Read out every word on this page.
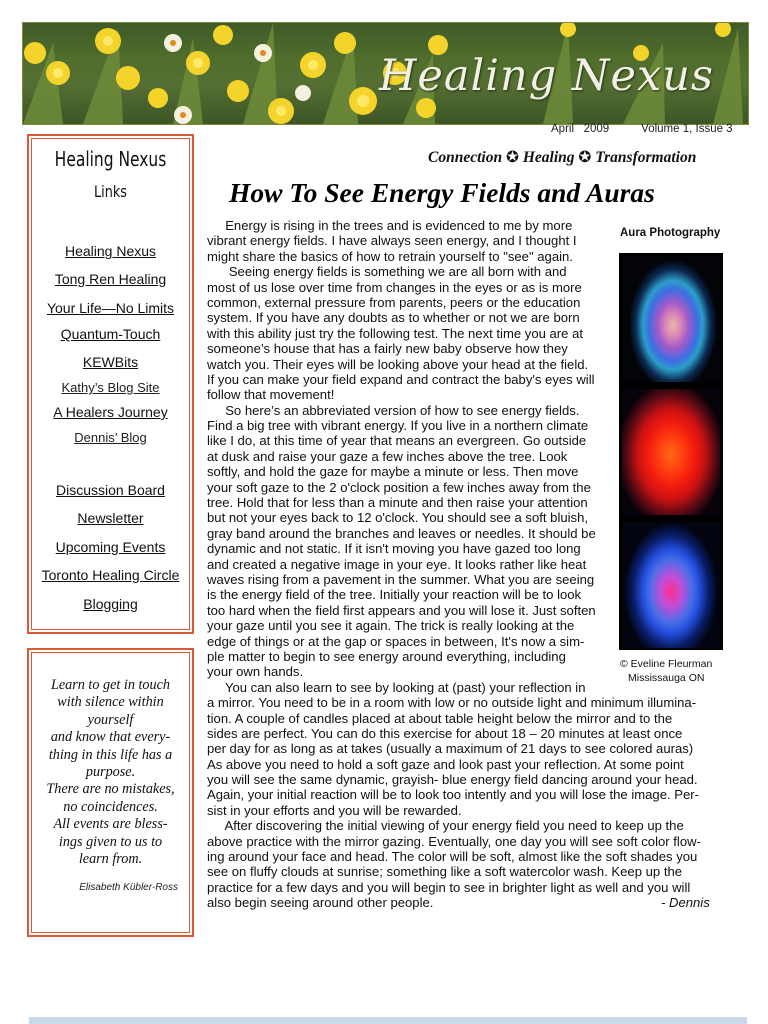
Healing Nexus
April 2009	Volume 1, Issue 3
Connection ✪ Healing ✪ Transformation
How To See Energy Fields and Auras
Healing Nexus
Links
Healing Nexus
Tong Ren Healing
Your Life—No Limits
Quantum-Touch
KEWBits
Kathy’s Blog Site
A Healers Journey
Dennis’ Blog
Discussion Board
Newsletter
Upcoming Events
Toronto Healing Circle
Blogging
Learn to get in touch
with silence within
yourself
and know that every-
thing in this life has a
purpose.
There are no mistakes,
no coincidences.
All events are bless-
ings given to us to
learn from.
Elisabeth Kübler-Ross
Aura Photography
© Eveline Fleurman
Mississauga ON
Energy is rising in the trees and is evidenced to me by more
vibrant energy fields. I have always seen energy, and I thought I
might share the basics of how to retrain yourself to "see" again.
Seeing energy fields is something we are all born with and
most of us lose over time from changes in the eyes or as is more
common, external pressure from parents, peers or the education
system. If you have any doubts as to whether or not we are born
with this ability just try the following test. The next time you are at
someone’s house that has a fairly new baby observe how they
watch you. Their eyes will be looking above your head at the field.
If you can make your field expand and contract the baby's eyes will
follow that movement!
So here’s an abbreviated version of how to see energy fields.
Find a big tree with vibrant energy. If you live in a northern climate
like I do, at this time of year that means an evergreen. Go outside
at dusk and raise your gaze a few inches above the tree. Look
softly, and hold the gaze for maybe a minute or less. Then move
your soft gaze to the 2 o'clock position a few inches away from the
tree. Hold that for less than a minute and then raise your attention
but not your eyes back to 12 o'clock. You should see a soft bluish,
gray band around the branches and leaves or needles. It should be
dynamic and not static. If it isn't moving you have gazed too long
and created a negative image in your eye. It looks rather like heat
waves rising from a pavement in the summer. What you are seeing
is the energy field of the tree. Initially your reaction will be to look
too hard when the field first appears and you will lose it. Just soften
your gaze until you see it again. The trick is really looking at the
edge of things or at the gap or spaces in between, It's now a sim-
ple matter to begin to see energy around everything, including
your own hands.
You can also learn to see by looking at (past) your reflection in
a mirror. You need to be in a room with low or no outside light and minimum illumina-
tion. A couple of candles placed at about table height below the mirror and to the
sides are perfect. You can do this exercise for about 18 – 20 minutes at least once
per day for as long as at takes (usually a maximum of 21 days to see colored auras)
As above you need to hold a soft gaze and look past your reflection. At some point
you will see the same dynamic, grayish- blue energy field dancing around your head.
Again, your initial reaction will be to look too intently and you will lose the image. Per-
sist in your efforts and you will be rewarded.
After discovering the initial viewing of your energy field you need to keep up the
above practice with the mirror gazing. Eventually, one day you will see soft color flow-
ing around your face and head. The color will be soft, almost like the soft shades you
see on fluffy clouds at sunrise; something like a soft watercolor wash. Keep up the
practice for a few days and you will begin to see in brighter light as well and you will
also begin seeing around other people.	- Dennis
